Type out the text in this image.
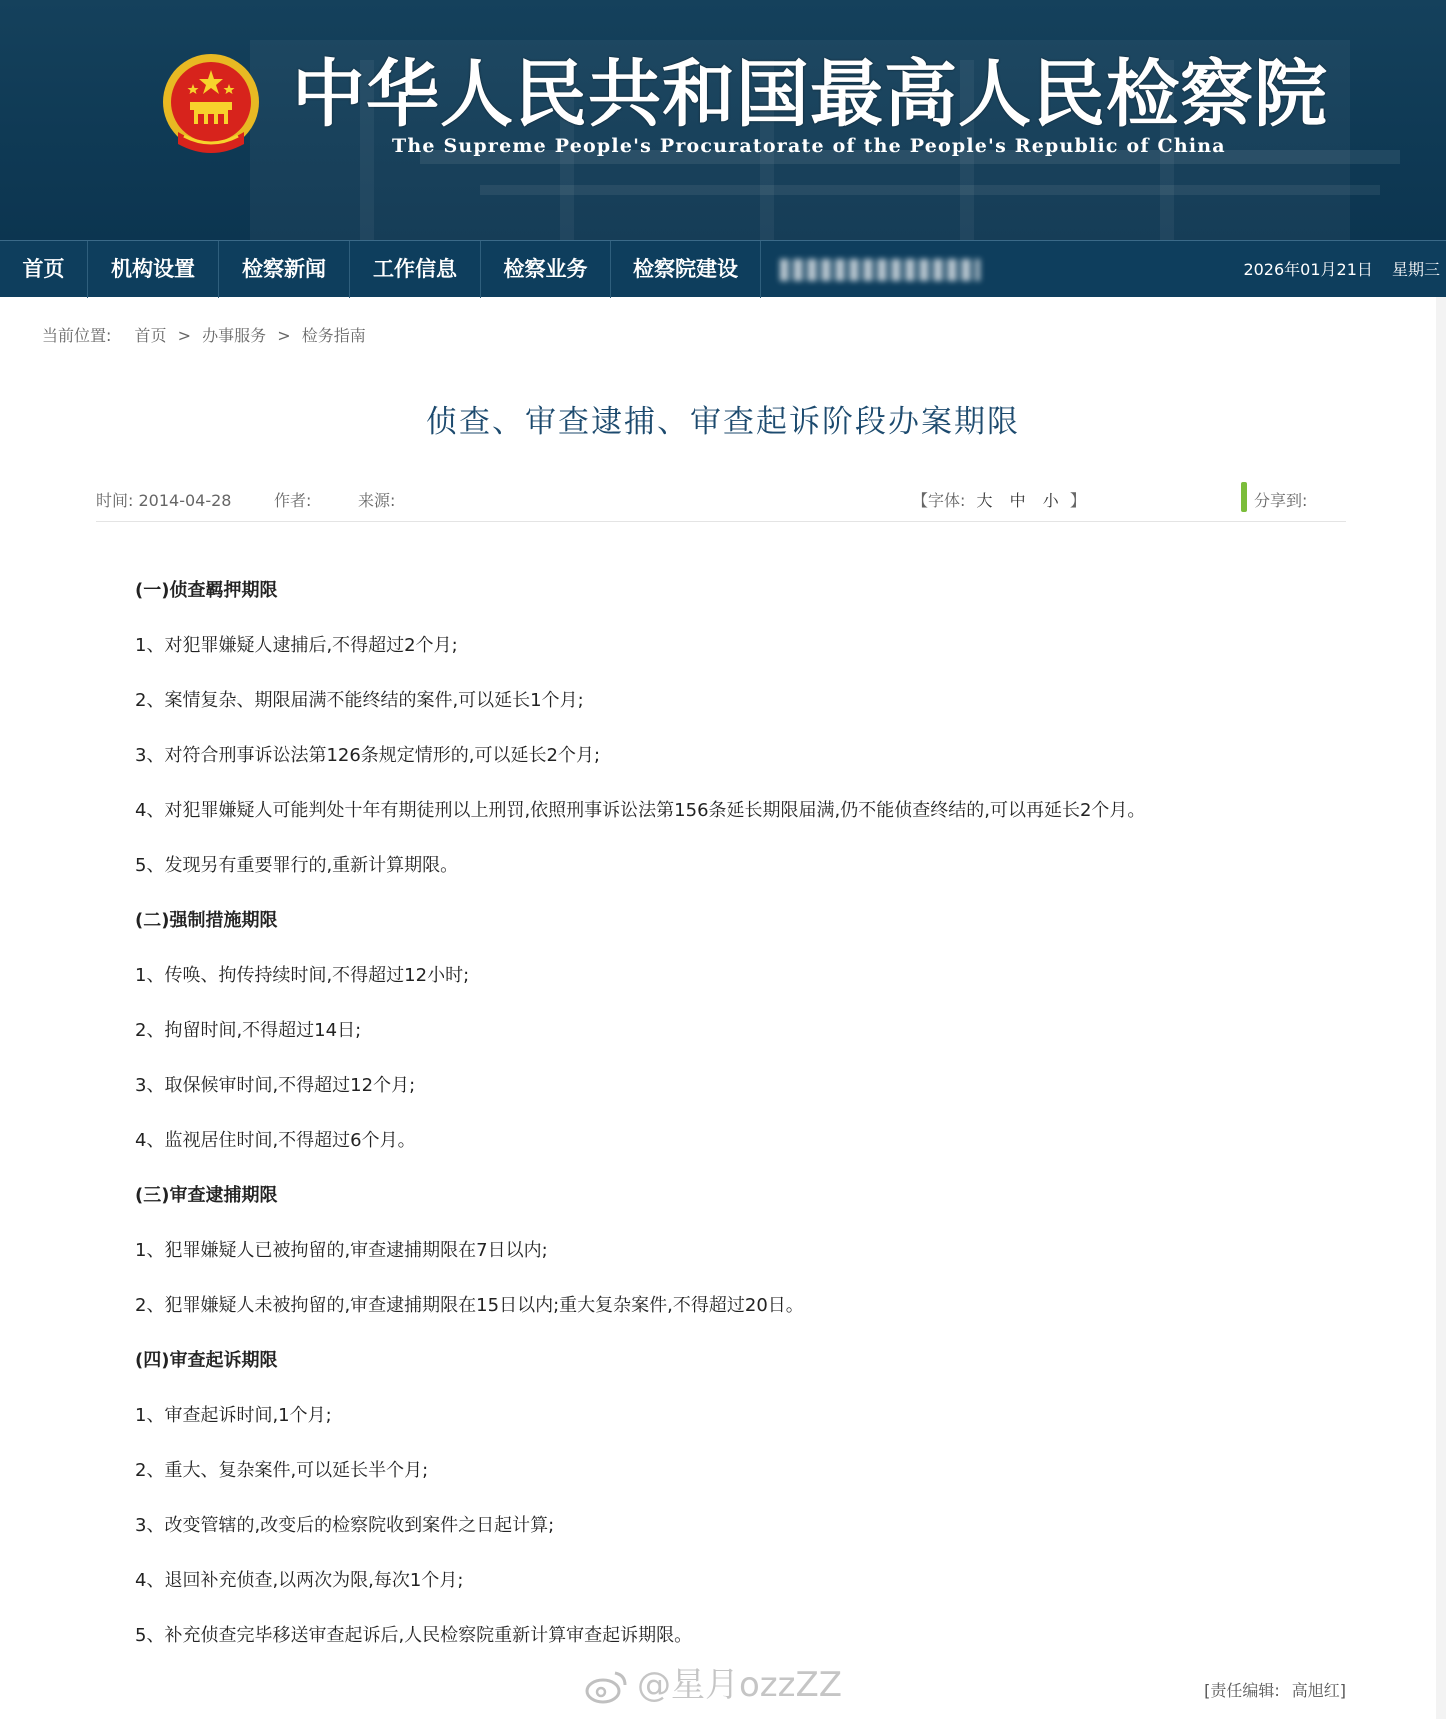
中华人民共和国最高人民检察院
The Supreme People's Procuratorate of the People's Republic of China
首页	机构设置	检察新闻	工作信息	检察业务	检察院建设	2026年01月21日 星期三
当前位置: 首页 > 办事服务 > 检务指南
侦查、审查逮捕、审查起诉阶段办案期限
时间: 2014-04-28	作者:	来源:	【字体: 大 中 小 】	分享到:
(一)侦查羁押期限
1、对犯罪嫌疑人逮捕后,不得超过2个月;
2、案情复杂、期限届满不能终结的案件,可以延长1个月;
3、对符合刑事诉讼法第126条规定情形的,可以延长2个月;
4、对犯罪嫌疑人可能判处十年有期徒刑以上刑罚,依照刑事诉讼法第156条延长期限届满,仍不能侦查终结的,可以再延长2个月。
5、发现另有重要罪行的,重新计算期限。
(二)强制措施期限
1、传唤、拘传持续时间,不得超过12小时;
2、拘留时间,不得超过14日;
3、取保候审时间,不得超过12个月;
4、监视居住时间,不得超过6个月。
(三)审查逮捕期限
1、犯罪嫌疑人已被拘留的,审查逮捕期限在7日以内;
2、犯罪嫌疑人未被拘留的,审查逮捕期限在15日以内;重大复杂案件,不得超过20日。
(四)审查起诉期限
1、审查起诉时间,1个月;
2、重大、复杂案件,可以延长半个月;
3、改变管辖的,改变后的检察院收到案件之日起计算;
4、退回补充侦查,以两次为限,每次1个月;
5、补充侦查完毕移送审查起诉后,人民检察院重新计算审查起诉期限。
@星月ozzZZ	[责任编辑: 高旭红]
